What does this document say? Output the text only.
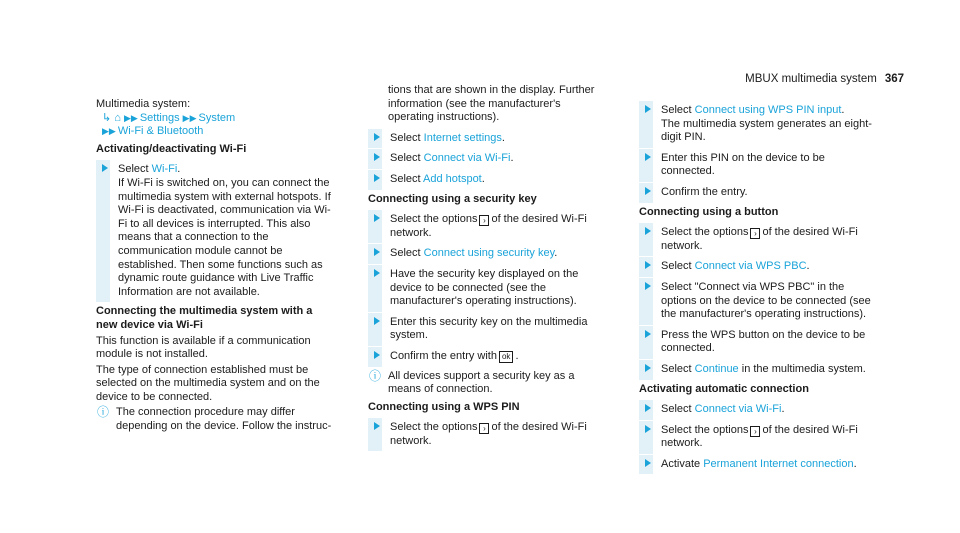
MBUX multimedia system 367

Multimedia system:

↳ ⌂ ▶▶ Settings ▶▶ System

▶▶ Wi-Fi & Bluetooth

Activating/deactivating Wi-Fi

Select Wi-Fi.
If Wi-Fi is switched on, you can connect the multimedia system with external hotspots. If Wi-Fi is deactivated, communication via Wi-Fi to all devices is interrupted. This also means that a connection to the communication module cannot be established. Then some functions such as dynamic route guidance with Live Traffic Information are not available.

Connecting the multimedia system with a new device via Wi-Fi

This function is available if a communication module is not installed.

The type of connection established must be selected on the multimedia system and on the device to be connected.

ⓘ The connection procedure may differ depending on the device. Follow the instruc-

tions that are shown in the display. Further information (see the manufacturer's operating instructions).

Select Internet settings.
Select Connect via Wi-Fi.
Select Add hotspot.

Connecting using a security key

Select the options › of the desired Wi-Fi network.
Select Connect using security key.
Have the security key displayed on the device to be connected (see the manufacturer's operating instructions).
Enter this security key on the multimedia system.
Confirm the entry with ok .
ⓘ All devices support a security key as a means of connection.

Connecting using a WPS PIN

Select the options › of the desired Wi-Fi network.
Select Connect using WPS PIN input.
The multimedia system generates an eight-digit PIN.
Enter this PIN on the device to be connected.
Confirm the entry.

Connecting using a button

Select the options › of the desired Wi-Fi network.
Select Connect via WPS PBC.
Select "Connect via WPS PBC" in the options on the device to be connected (see the manufacturer's operating instructions).
Press the WPS button on the device to be connected.
Select Continue in the multimedia system.

Activating automatic connection

Select Connect via Wi-Fi.
Select the options › of the desired Wi-Fi network.
Activate Permanent Internet connection.
